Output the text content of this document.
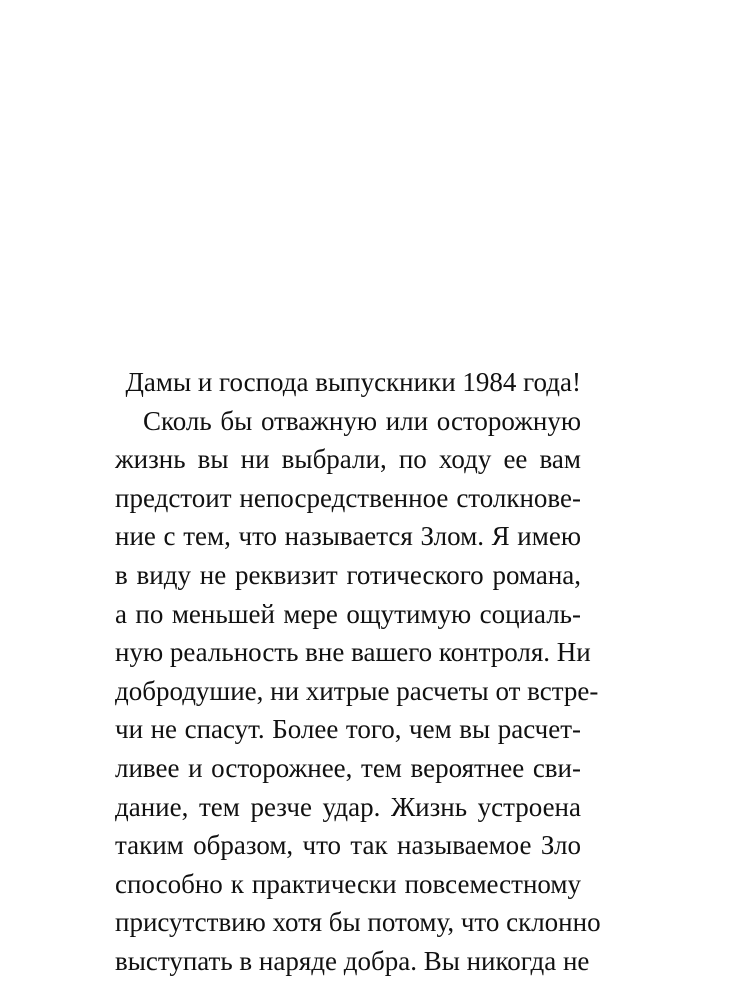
Дамы и господа выпускники 1984 года!
Сколь бы отважную или осторожную
жизнь вы ни выбрали, по ходу ее вам
предстоит непосредственное столкнове-
ние с тем, что называется Злом. Я имею
в виду не реквизит готического романа,
а по меньшей мере ощутимую социаль-
ную реальность вне вашего контроля. Ни
добродушие, ни хитрые расчеты от встре-
чи не спасут. Более того, чем вы расчет-
ливее и осторожнее, тем вероятнее сви-
дание, тем резче удар. Жизнь устроена
таким образом, что так называемое Зло
способно к практически повсеместному
присутствию хотя бы потому, что склонно
выступать в наряде добра. Вы никогда не
